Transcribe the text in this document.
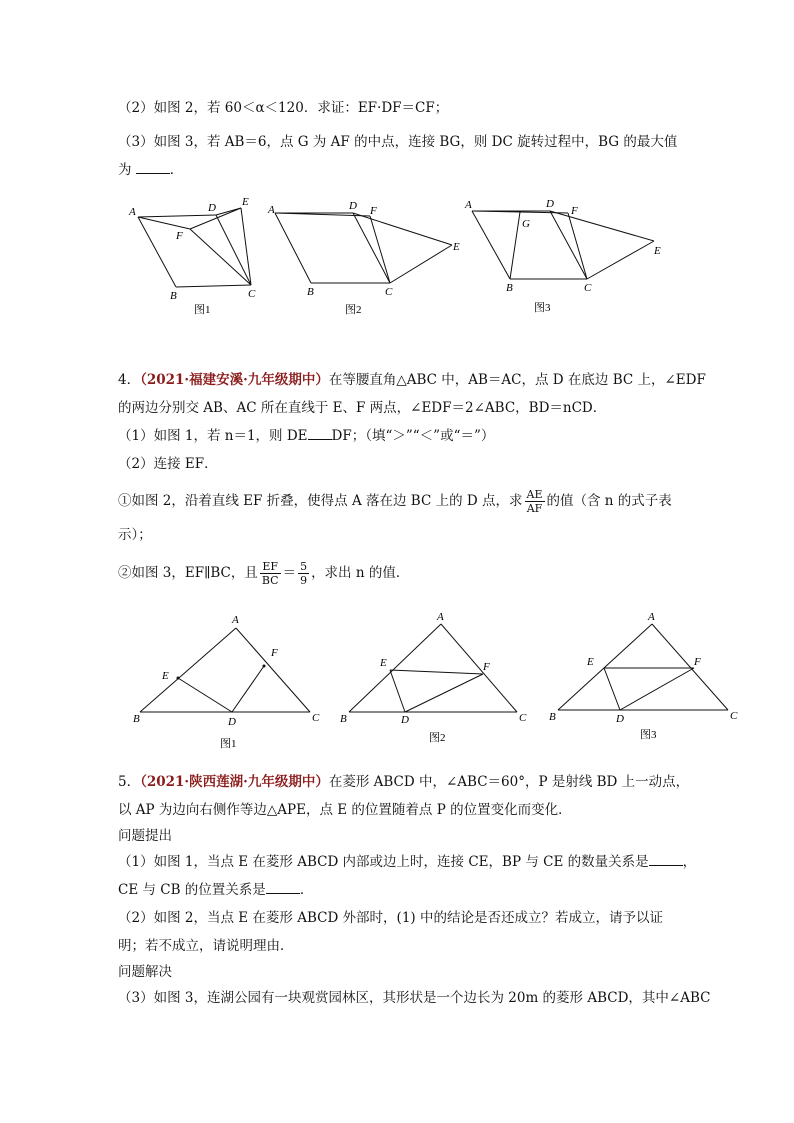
（2）如图 2，若 60＜α＜120．求证：EF·DF＝CF；
（3）如图 3，若 AB＝6，点 G 为 AF 的中点，连接 BG，则 DC 旋转过程中，BG 的最大值
为	．
A	D E
F
B	C
图1
A	D F
E
B	C
图2
A	D
F
G
E
B	C
图3
4．（2021·福建安溪·九年级期中）在等腰直角△ABC 中，AB＝AC，点 D 在底边 BC 上，∠EDF
的两边分别交 AB、AC 所在直线于 E、F 两点，∠EDF＝2∠ABC，BD＝nCD．
（1）如图 1，若 n＝1，则 DE DF；（填“＞”“＜”或“＝”）
（2）连接 EF．
①如图 2，沿着直线 EF 折叠，使得点 A 落在边 BC 上的 D 点，求 $\frac{AE}{AF}$ 的值（含 n 的式子表
示）；
②如图 3，EF∥BC，且 $\frac{EF}{BC} = \frac{5}{9}$ ，求出 n 的值．
A
E
F
B	D	C
图1
A
E	F
B	D	C
图2
A
E	F
B	D	C
图3
5．（2021·陕西莲湖·九年级期中）在菱形 ABCD 中，∠ABC＝60°，P 是射线 BD 上一动点，
以 AP 为边向右侧作等边△APE，点 E 的位置随着点 P 的位置变化而变化．
问题提出
（1）如图 1，当点 E 在菱形 ABCD 内部或边上时，连接 CE，BP 与 CE 的数量关系是	，
CE 与 CB 的位置关系是	．
（2）如图 2，当点 E 在菱形 ABCD 外部时，(1) 中的结论是否还成立？若成立，请予以证
明；若不成立，请说明理由．
问题解决
（3）如图 3，连湖公园有一块观赏园林区，其形状是一个边长为 20m 的菱形 ABCD，其中∠ABC
